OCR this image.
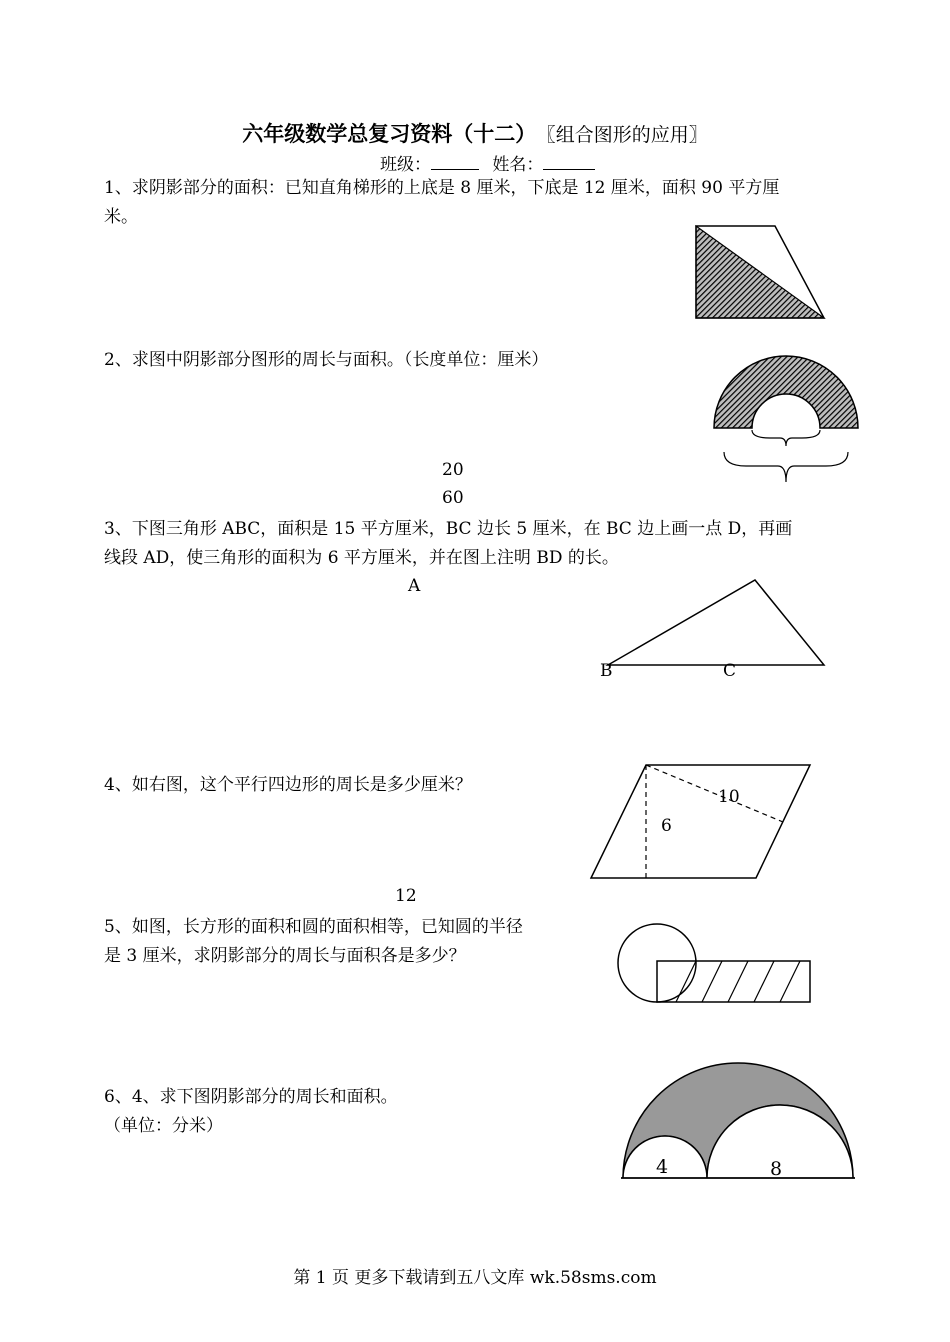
六年级数学总复习资料（十二） 〖组合图形的应用〗
班级：	姓名：
1、求阴影部分的面积：已知直角梯形的上底是 8 厘米，下底是 12 厘米，面积 90 平方厘
米。
2、求图中阴影部分图形的周长与面积。（长度单位：厘米）
20
60
3、下图三角形 ABC，面积是 15 平方厘米，BC 边长 5 厘米，在 BC 边上画一点 D，再画
线段 AD，使三角形的面积为 6 平方厘米，并在图上注明 BD 的长。
A
B	C
4、如右图，这个平行四边形的周长是多少厘米？
10
6
12
5、如图，长方形的面积和圆的面积相等，已知圆的半径
是 3 厘米，求阴影部分的周长与面积各是多少？
6、4、求下图阴影部分的周长和面积。
（单位：分米）
4	8
第 1 页 更多下载请到五八文库 wk.58sms.com
